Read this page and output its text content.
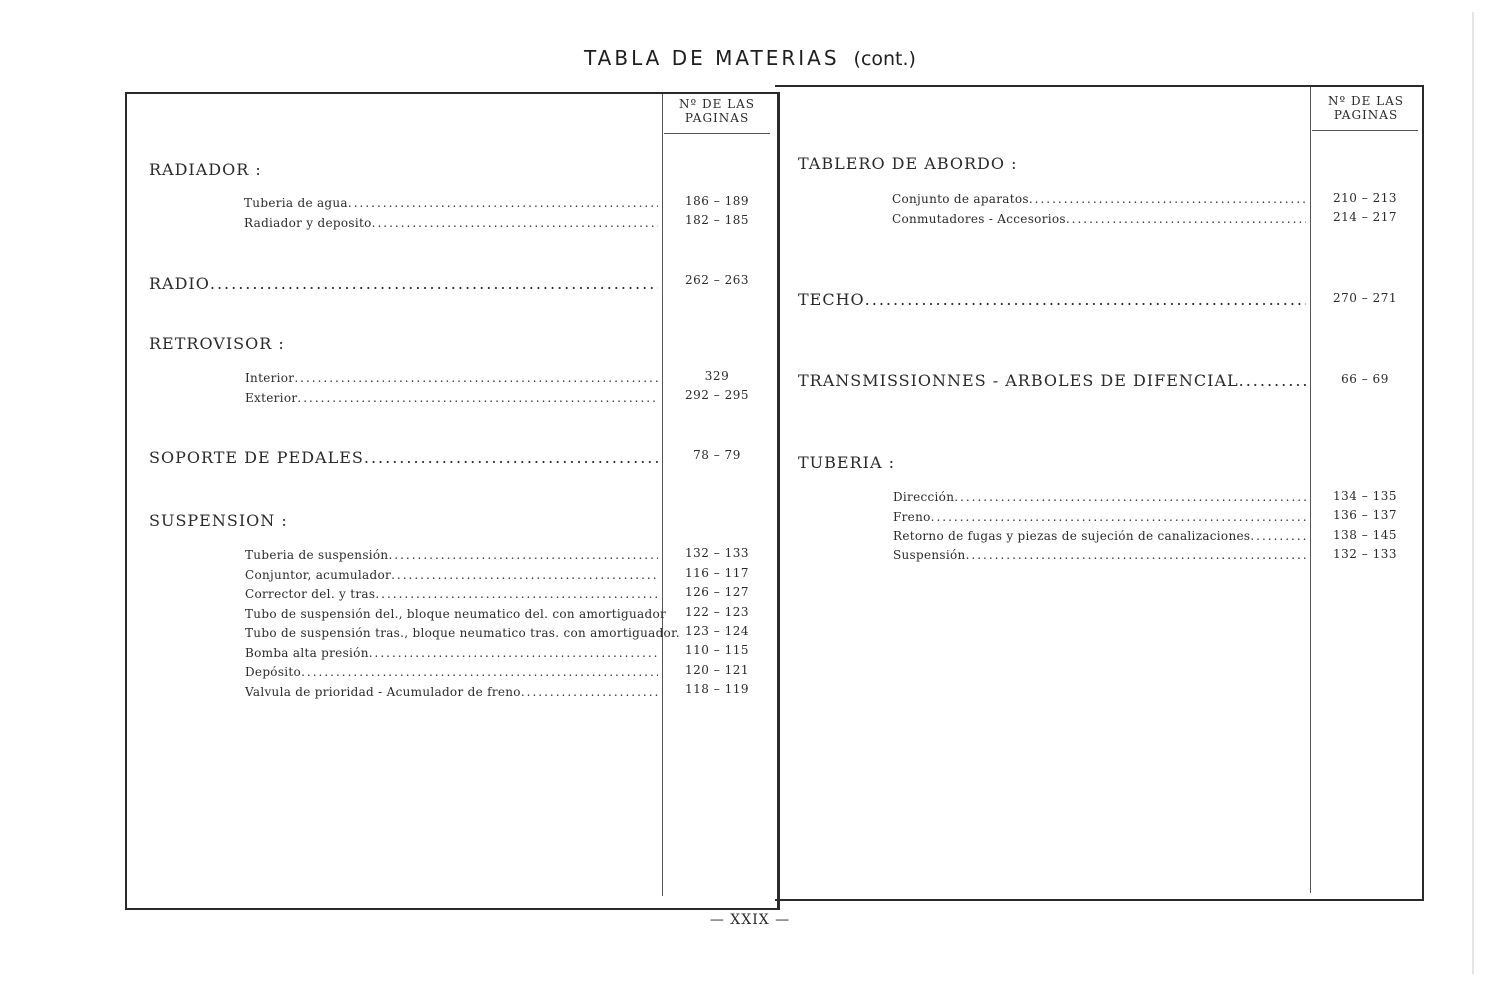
TABLA DE MATERIAS (cont.)
Nº DE LAS PAGINAS
RADIADOR :
Tuberia de agua .....	186 – 189
Radiador y deposito .....	182 – 185
RADIO .....	262 – 263
RETROVISOR :
Interior .....	329
Exterior .....	292 – 295
SOPORTE DE PEDALES .....	78 – 79
SUSPENSION :
Tuberia de suspensión .....	132 – 133
Conjuntor, acumulador .....	116 – 117
Corrector del. y tras .....	126 – 127
Tubo de suspensión del., bloque neumatico del. con amortiguador	122 – 123
Tubo de suspensión tras., bloque neumatico tras. con amortiguador. 123 – 124
Bomba alta presión .....	110 – 115
Depósito .....	120 – 121
Valvula de prioridad - Acumulador de freno .....	118 – 119
Nº DE LAS PAGINAS
TABLERO DE ABORDO :
Conjunto de aparatos .....	210 – 213
Conmutadores - Accesorios .....	214 – 217
TECHO .....	270 – 271
TRANSMISSIONNES - ARBOLES DE DIFENCIAL .....	66 – 69
TUBERIA :
Dirección .....	134 – 135
Freno .....	136 – 137
Retorno de fugas y piezas de sujeción de canalizaciones .....	138 – 145
Suspensión .....	132 – 133
— XXIX —
